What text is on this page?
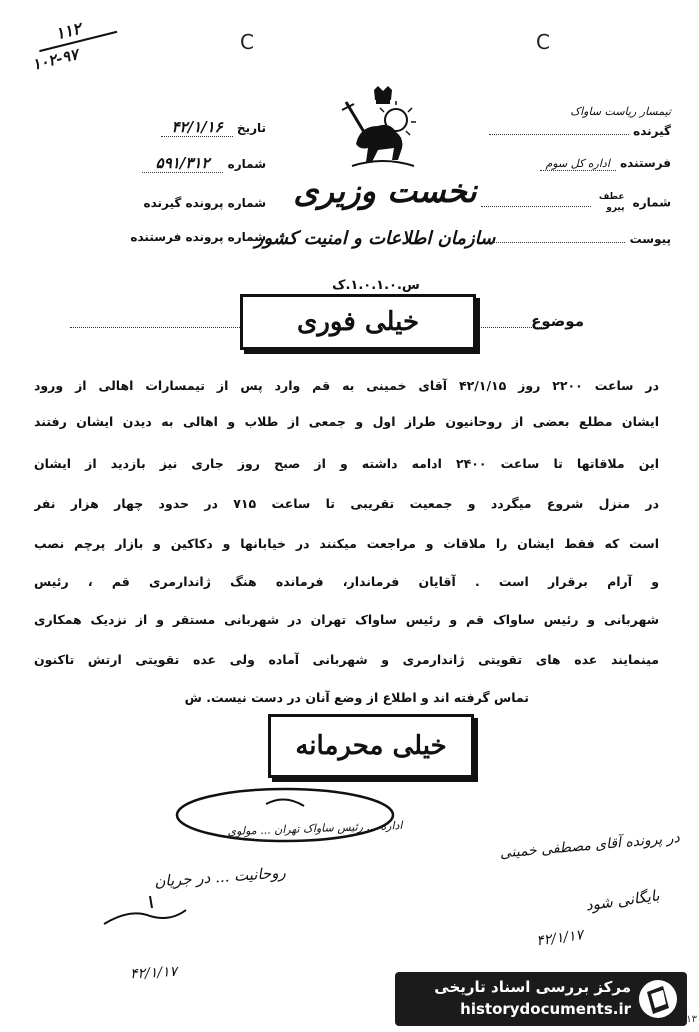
۱۱۲
۱۰۲-۹۷
C	C
نخست وزیری
سازمان اطلاعات و امنیت کشور
س.۱.۰.۱.۰.ک
تیمسار ریاست ساواک
گیرنده
فرستنده اداره کل سوم
شماره
عطف
پیرو

پیوست
تاریخ ۴۲/۱/۱۶
شماره ۵۹۱/۳۱۲
شماره پرونده گیرنده
شماره پرونده فرستنده
موضوع
خیلی فوری
در ساعت ۲۲۰۰ روز ۴۲/۱/۱۵ آقای خمینی به قم وارد پس از تیمسارات اهالی از ورود
ایشان مطلع بعضی از روحانیون طراز اول و جمعی از طلاب و اهالی به دیدن ایشان رفتند
این ملاقاتها تا ساعت ۲۴۰۰ ادامه داشته و از صبح روز جاری نیز بازدید از ایشان
در منزل شروع میگردد و جمعیت تقریبی تا ساعت ۷۱۵ در حدود چهار هزار نفر
است که فقط ایشان را ملاقات و مراجعت میکنند در خیابانها و دکاکین و بازار پرچم نصب
و آرام برقرار است . آقایان فرماندار، فرمانده هنگ ژاندارمری قم ، رئیس
شهربانی و رئیس ساواک قم و رئیس ساواک تهران در شهربانی مستقر و از نزدیک همکاری
مینمایند عده های تقویتی ژاندارمری و شهربانی آماده ولی عده تقویتی ارتش تاکنون
تماس گرفته اند و اطلاع از وضع آنان در دست نیست. ش
خیلی محرمانه
اداره ... رئیس ساواک تهران ... مولوی
در پرونده آقای مصطفی خمینی
روحانیت ... در جریان
بایگانی شود
۴۲/۱/۱۷
۴۲/۱/۱۷
مرکز بررسی اسناد تاریخی
historydocuments.ir
۱۳
